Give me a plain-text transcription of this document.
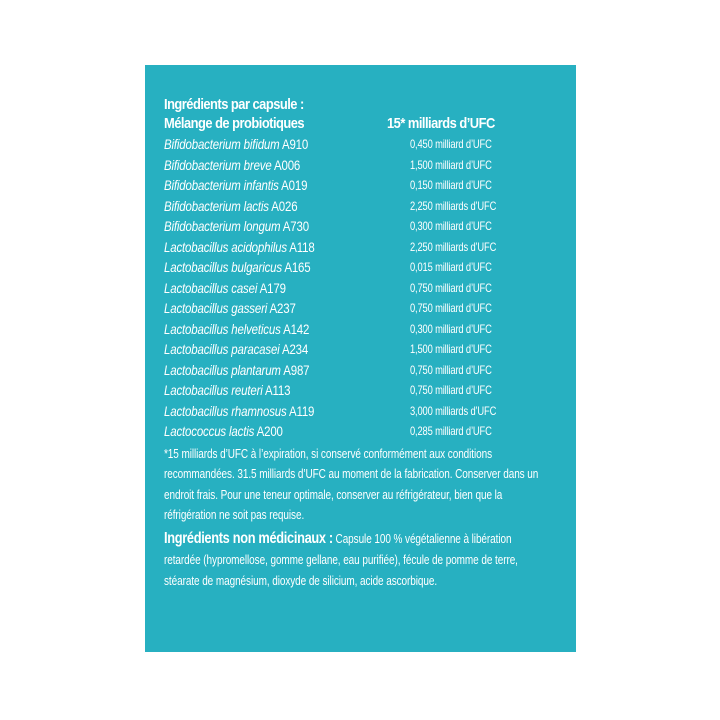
Ingrédients par capsule :

Mélange de probiotiques	15* milliards d’UFC
Bifidobacterium bifidum A910	0,450 milliard d’UFC
Bifidobacterium breve A006	1,500 milliard d’UFC
Bifidobacterium infantis A019	0,150 milliard d’UFC
Bifidobacterium lactis A026	2,250 milliards d’UFC
Bifidobacterium longum A730	0,300 milliard d’UFC
Lactobacillus acidophilus A118	2,250 milliards d’UFC
Lactobacillus bulgaricus A165	0,015 milliard d’UFC
Lactobacillus casei A179	0,750 milliard d’UFC
Lactobacillus gasseri A237	0,750 milliard d’UFC
Lactobacillus helveticus A142	0,300 milliard d’UFC
Lactobacillus paracasei A234	1,500 milliard d’UFC
Lactobacillus plantarum A987	0,750 milliard d’UFC
Lactobacillus reuteri A113	0,750 milliard d’UFC
Lactobacillus rhamnosus A119	3,000 milliards d’UFC
Lactococcus lactis A200	0,285 milliard d’UFC

*15 milliards d’UFC à l’expiration, si conservé conformément aux conditions recommandées. 31.5 milliards d’UFC au moment de la fabrication. Conserver dans un endroit frais. Pour une teneur optimale, conserver au réfrigérateur, bien que la réfrigération ne soit pas requise.

Ingrédients non médicinaux : Capsule 100 % végétalienne à libération retardée (hypromellose, gomme gellane, eau purifiée), fécule de pomme de terre, stéarate de magnésium, dioxyde de silicium, acide ascorbique.
